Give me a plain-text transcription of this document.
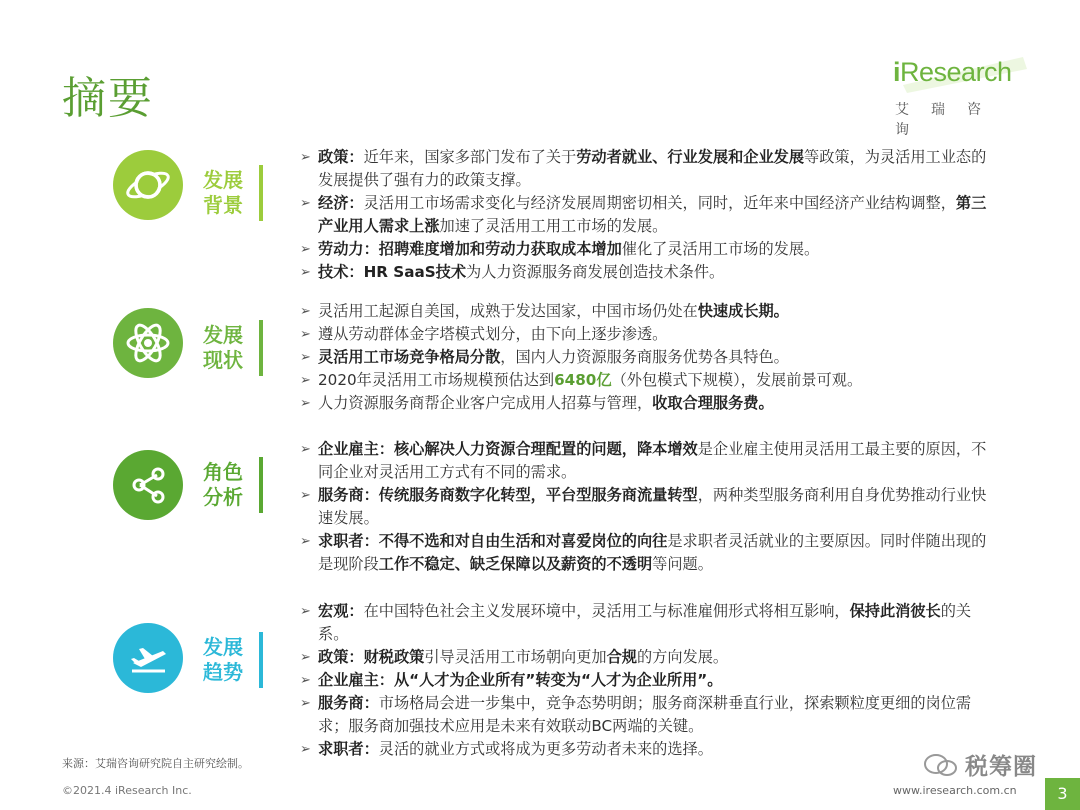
摘要
iResearch
艾瑞咨询
发展
背景
➢ 政策：近年来，国家多部门发布了关于劳动者就业、行业发展和企业发展等政策，为灵活用工业态的发展提供了强有力的政策支撑。
➢ 经济：灵活用工市场需求变化与经济发展周期密切相关，同时，近年来中国经济产业结构调整，第三产业用人需求上涨加速了灵活用工用工市场的发展。
➢ 劳动力：招聘难度增加和劳动力获取成本增加催化了灵活用工市场的发展。
➢ 技术：HR SaaS技术为人力资源服务商发展创造技术条件。
发展
现状
➢ 灵活用工起源自美国，成熟于发达国家，中国市场仍处在快速成长期。
➢ 遵从劳动群体金字塔模式划分，由下向上逐步渗透。
➢ 灵活用工市场竞争格局分散，国内人力资源服务商服务优势各具特色。
➢ 2020年灵活用工市场规模预估达到6480亿（外包模式下规模），发展前景可观。
➢ 人力资源服务商帮企业客户完成用人招募与管理，收取合理服务费。
角色
分析
➢ 企业雇主：核心解决人力资源合理配置的问题，降本增效是企业雇主使用灵活用工最主要的原因，不同企业对灵活用工方式有不同的需求。
➢ 服务商：传统服务商数字化转型，平台型服务商流量转型，两种类型服务商利用自身优势推动行业快速发展。
➢ 求职者：不得不选和对自由生活和对喜爱岗位的向往是求职者灵活就业的主要原因。同时伴随出现的是现阶段工作不稳定、缺乏保障以及薪资的不透明等问题。
发展
趋势
➢ 宏观：在中国特色社会主义发展环境中，灵活用工与标准雇佣形式将相互影响，保持此消彼长的关系。
➢ 政策：财税政策引导灵活用工市场朝向更加合规的方向发展。
➢ 企业雇主：从“人才为企业所有”转变为“人才为企业所用”。
➢ 服务商：市场格局会进一步集中，竞争态势明朗；服务商深耕垂直行业，探索颗粒度更细的岗位需求；服务商加强技术应用是未来有效联动BC两端的关键。
➢ 求职者：灵活的就业方式或将成为更多劳动者未来的选择。
来源：艾瑞咨询研究院自主研究绘制。
©2021.4 iResearch Inc.	www.iresearch.com.cn	3
税筹圈
